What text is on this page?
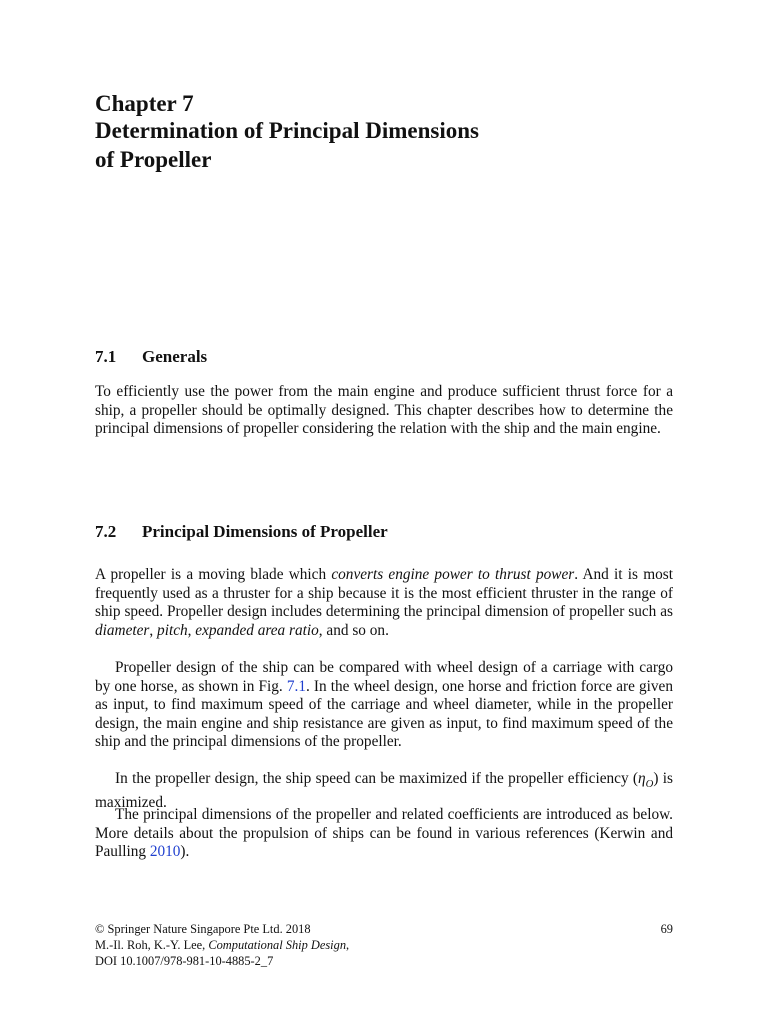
Chapter 7
Determination of Principal Dimensions
of Propeller
7.1 Generals

To efficiently use the power from the main engine and produce sufficient thrust force for a ship, a propeller should be optimally designed. This chapter describes how to determine the principal dimensions of propeller considering the relation with the ship and the main engine.

7.2 Principal Dimensions of Propeller

A propeller is a moving blade which converts engine power to thrust power. And it is most frequently used as a thruster for a ship because it is the most efficient thruster in the range of ship speed. Propeller design includes determining the principal dimension of propeller such as diameter, pitch, expanded area ratio, and so on.

Propeller design of the ship can be compared with wheel design of a carriage with cargo by one horse, as shown in Fig. 7.1. In the wheel design, one horse and friction force are given as input, to find maximum speed of the carriage and wheel diameter, while in the propeller design, the main engine and ship resistance are given as input, to find maximum speed of the ship and the principal dimensions of the propeller.

In the propeller design, the ship speed can be maximized if the propeller efficiency $(\eta_O)$ is maximized.

The principal dimensions of the propeller and related coefficients are introduced as below. More details about the propulsion of ships can be found in various references (Kerwin and Paulling 2010).

© Springer Nature Singapore Pte Ltd. 2018
M.-Il. Roh, K.-Y. Lee, Computational Ship Design,
DOI 10.1007/978-981-10-4885-2_7
69
